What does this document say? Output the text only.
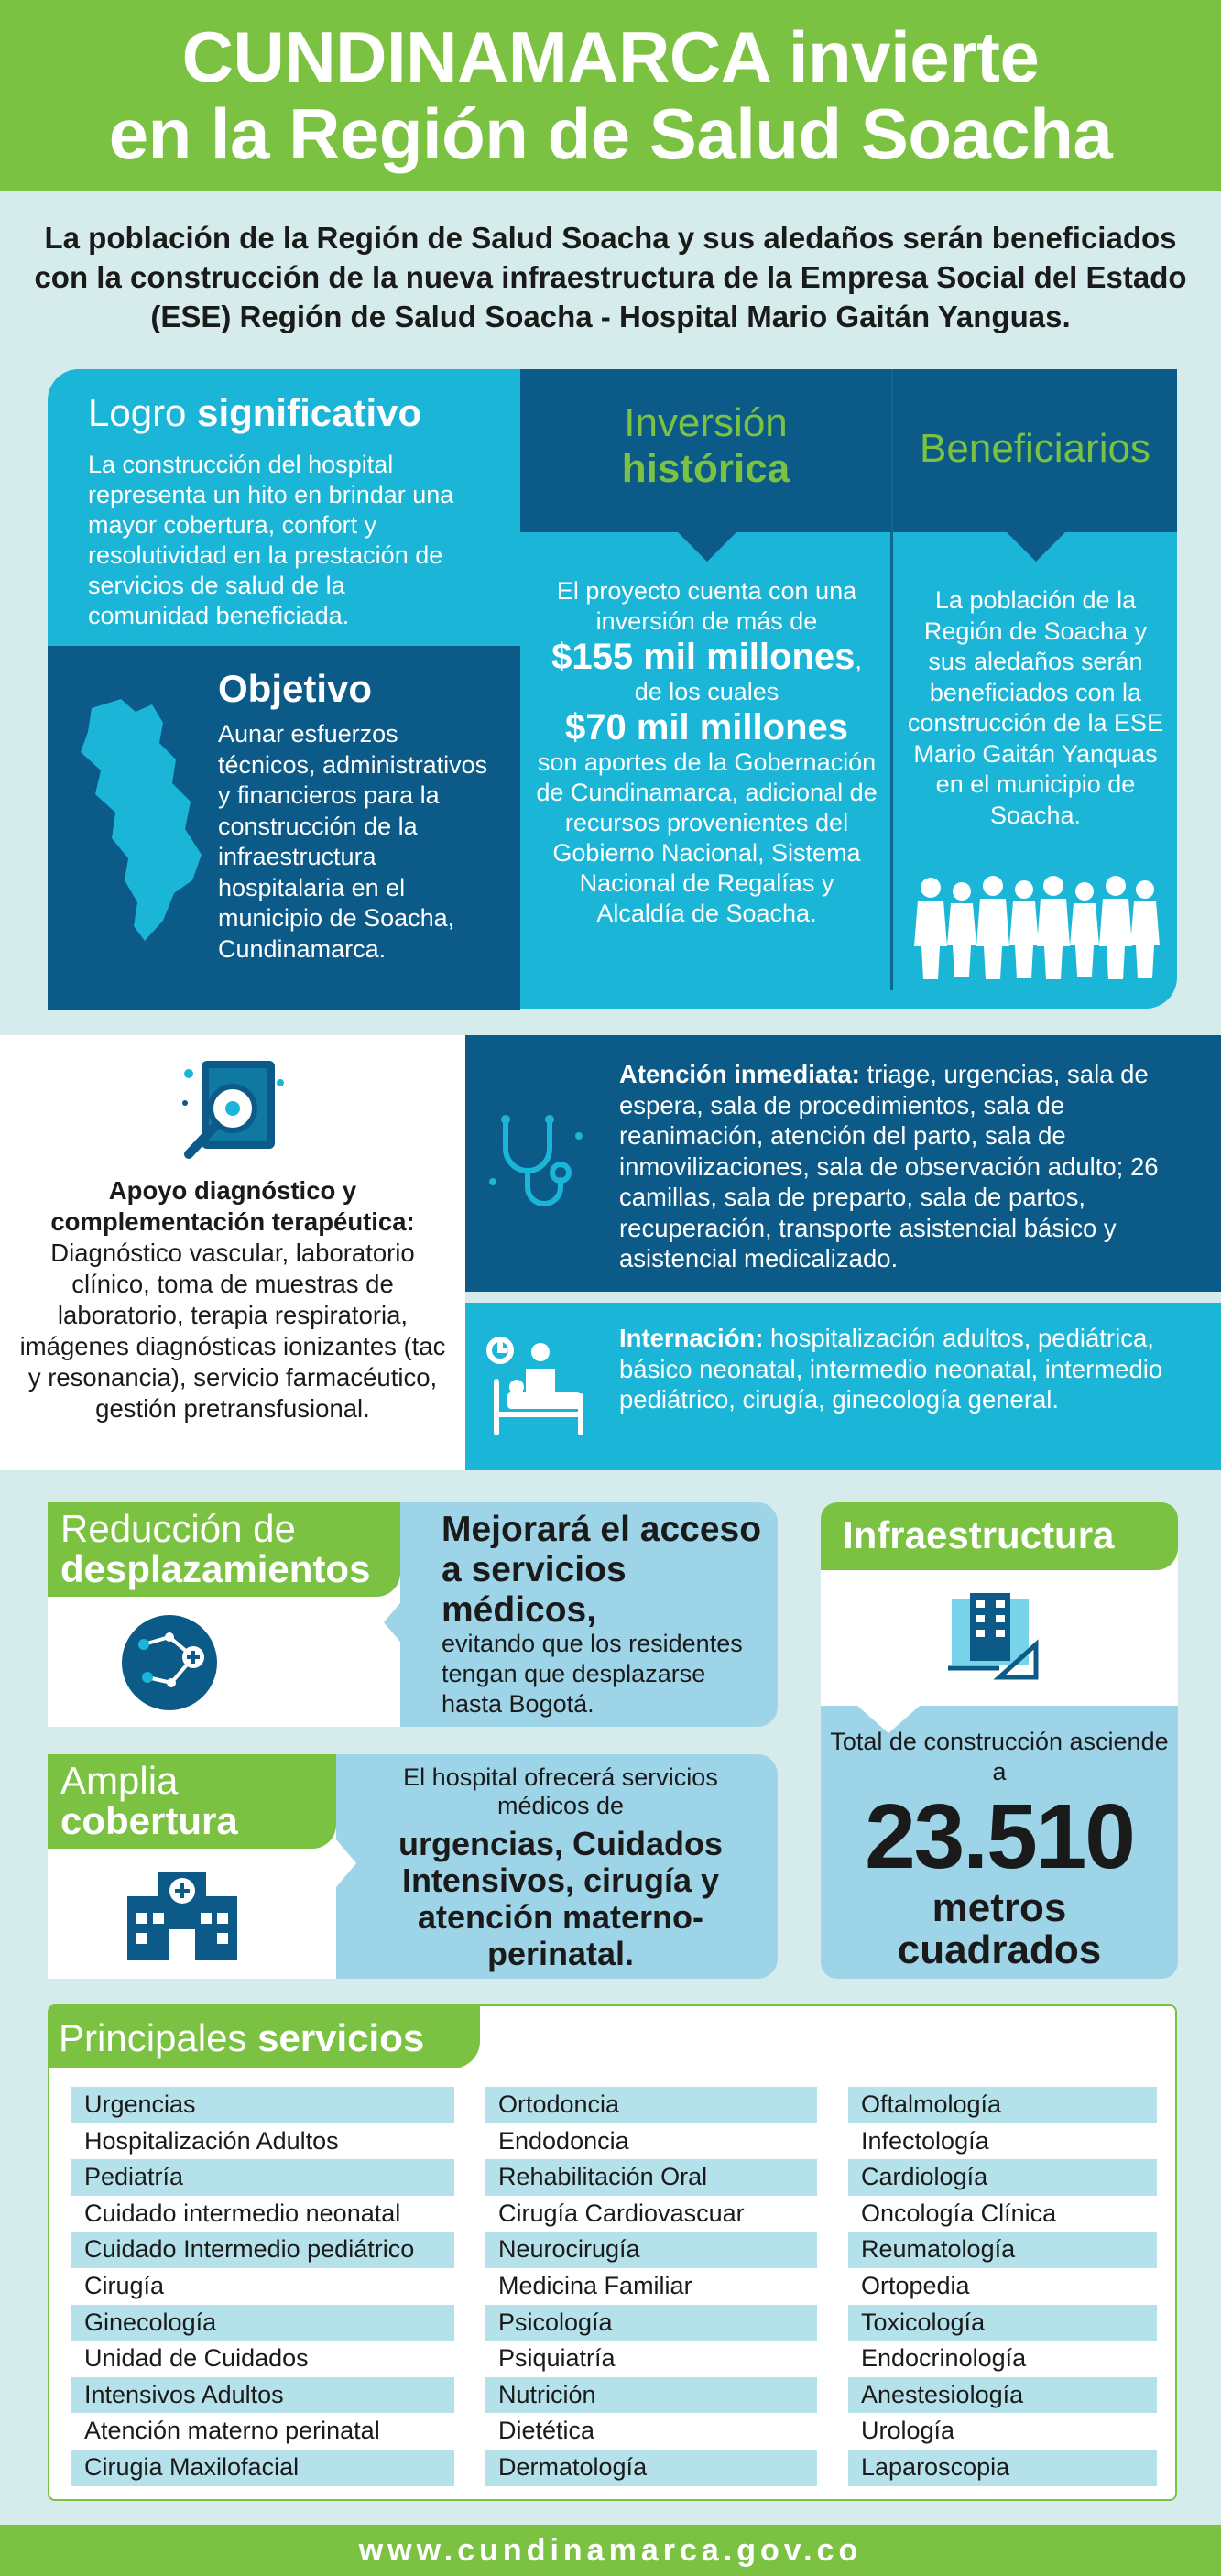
CUNDINAMARCA invierte
en la Región de Salud Soacha

La población de la Región de Salud Soacha y sus aledaños serán beneficiados con la construcción de la nueva infraestructura de la Empresa Social del Estado (ESE) Región de Salud Soacha - Hospital Mario Gaitán Yanguas.

Logro significativo

La construcción del hospital representa un hito en brindar una mayor cobertura, confort y resolutividad en la prestación de servicios de salud de la comunidad beneficiada.

Objetivo

Aunar esfuerzos técnicos, administrativos y financieros para la construcción de la infraestructura hospitalaria en el municipio de Soacha, Cundinamarca.

Inversión
histórica	Beneficiarios
El proyecto cuenta con una inversión de más de
$155 mil millones, de los cuales
$70 mil millones
son aportes de la Gobernación de Cundinamarca, adicional de recursos provenientes del Gobierno Nacional, Sistema Nacional de Regalías y Alcaldía de Soacha.

La población de la Región de Soacha y sus aledaños serán beneficiados con la construcción de la ESE Mario Gaitán Yanquas en el municipio de Soacha.

Apoyo diagnóstico y complementación terapéutica:

Diagnóstico vascular, laboratorio clínico, toma de muestras de laboratorio, terapia respiratoria, imágenes diagnósticas ionizantes (tac y resonancia), servicio farmacéutico, gestión pretransfusional.

Atención inmediata: triage, urgencias, sala de espera, sala de procedimientos, sala de reanimación, atención del parto, sala de inmovilizaciones, sala de observación adulto; 26 camillas, sala de preparto, sala de partos, recuperación, transporte asistencial básico y asistencial medicalizado.

Internación: hospitalización adultos, pediátrica, básico neonatal, intermedio neonatal, intermedio pediátrico, cirugía, ginecología general.

Reducción de
desplazamientos
Mejorará el acceso a servicios médicos,

evitando que los residentes tengan que desplazarse hasta Bogotá.

Amplia
cobertura

El hospital ofrecerá servicios médicos de

urgencias, Cuidados Intensivos, cirugía y atención materno-perinatal.

Infraestructura

Total de construcción asciende a

23.510
metros cuadrados
Principales servicios
Urgencias
Hospitalización Adultos
Pediatría
Cuidado intermedio neonatal
Cuidado Intermedio pediátrico
Cirugía
Ginecología
Unidad de Cuidados
Intensivos Adultos
Atención materno perinatal
Cirugia Maxilofacial
Ortodoncia
Endodoncia
Rehabilitación Oral
Cirugía Cardiovascuar
Neurocirugía
Medicina Familiar
Psicología
Psiquiatría
Nutrición
Dietética
Dermatología
Oftalmología
Infectología
Cardiología
Oncología Clínica
Reumatología
Ortopedia
Toxicología
Endocrinología
Anestesiología
Urología
Laparoscopia
www.cundinamarca.gov.co
